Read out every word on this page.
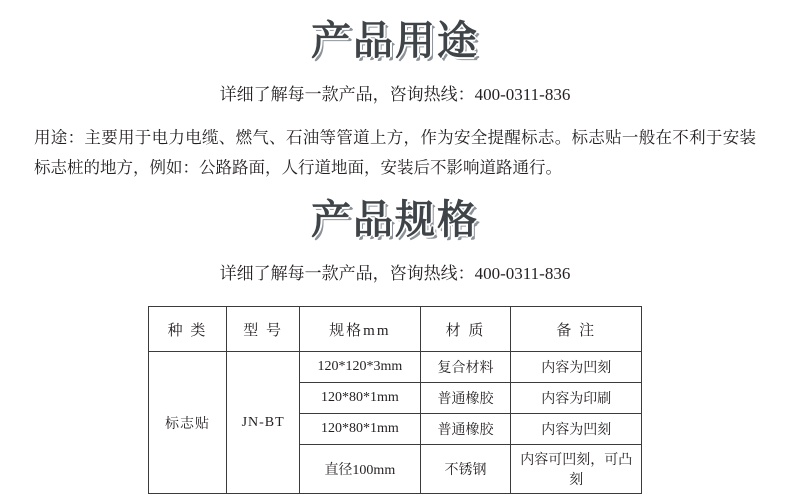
产品用途
详细了解每一款产品，咨询热线：400-0311-836
用途：主要用于电力电缆、燃气、石油等管道上方，作为安全提醒标志。标志贴一般在不利于安装标志桩的地方，例如：公路路面，人行道地面，安装后不影响道路通行。
产品规格
详细了解每一款产品，咨询热线：400-0311-836
种 类	型 号	规格mm	材 质	备 注
标志贴	JN-BT	120*120*3mm	复合材料	内容为凹刻
		120*80*1mm	普通橡胶	内容为印刷
		120*80*1mm	普通橡胶	内容为凹刻
		直径100mm	不锈钢	内容可凹刻，可凸刻
